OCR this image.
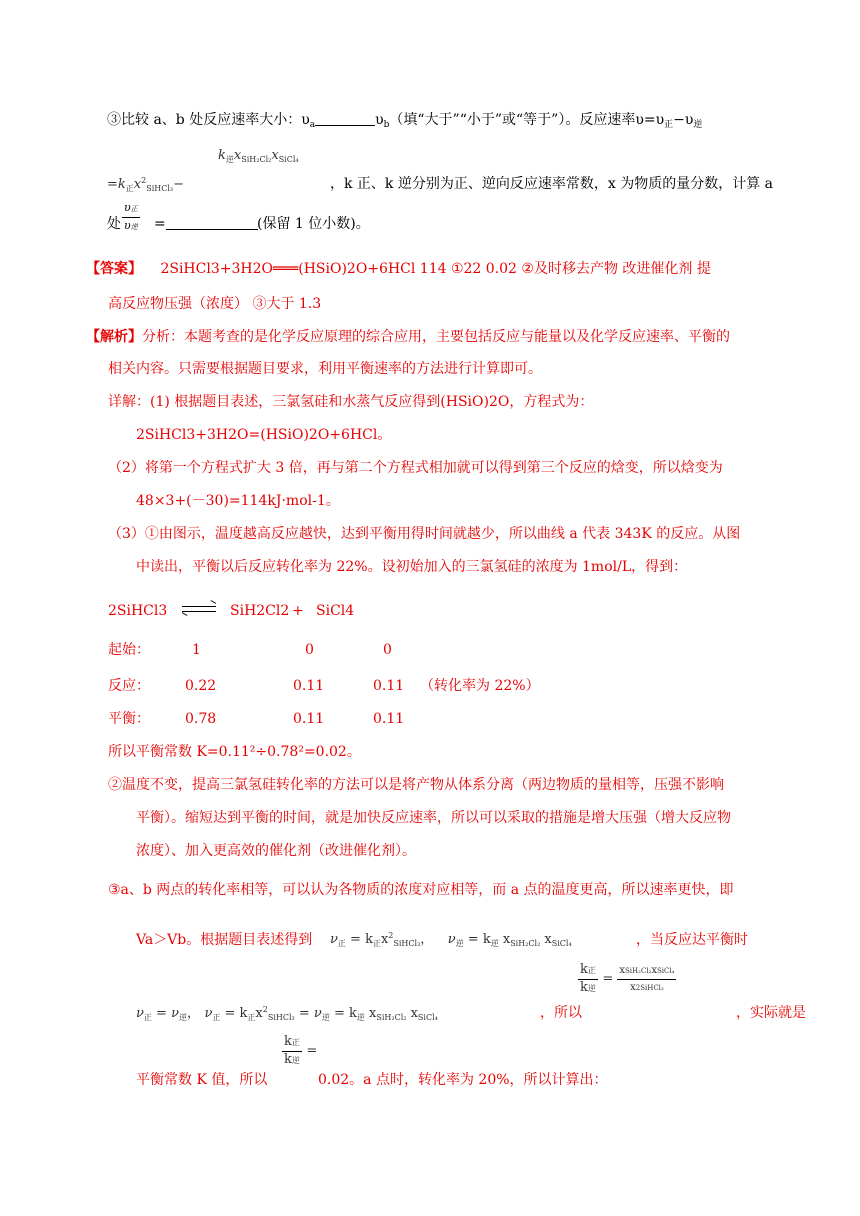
③比较 a、b 处反应速率大小：$\upsilon_a$	$\upsilon_b$（填“大于”“小于”或“等于”）。反应速率$\upsilon=\upsilon_正-\upsilon_逆$
$k_逆x_{SiH_2Cl_2}x_{SiCl_4}$
$=k_正x^2_{SiHCl_3}-$	，k 正、k 逆分别为正、逆向反应速率常数，x 为物质的量分数，计算 a
处 $\frac{\text{υ正}}{\text{υ逆}}$ =	(保留 1 位小数)。
【答案】 2SiHCl3+3H2O═══(HSiO)2O+6HCl 114 ①22 0.02 ②及时移去产物 改进催化剂 提
高反应物压强（浓度） ③大于 1.3
【解析】分析：本题考查的是化学反应原理的综合应用，主要包括反应与能量以及化学反应速率、平衡的
相关内容。只需要根据题目要求，利用平衡速率的方法进行计算即可。
详解：(1) 根据题目表述，三氯氢硅和水蒸气反应得到(HSiO)2O，方程式为：
2SiHCl3+3H2O=(HSiO)2O+6HCl。
（2）将第一个方程式扩大 3 倍，再与第二个方程式相加就可以得到第三个反应的焓变，所以焓变为
48×3+(－30)=114kJ·mol-1。
（3）①由图示，温度越高反应越快，达到平衡用得时间就越少，所以曲线 a 代表 343K 的反应。从图
中读出，平衡以后反应转化率为 22%。设初始加入的三氯氢硅的浓度为 1mol/L，得到：
2SiHCl3	SiH2Cl2 + SiCl4
起始：	1	0	0
反应：	0.22	0.11	0.11 （转化率为 22%）
平衡：	0.78	0.11	0.11
所以平衡常数 K=0.11²÷0.78²=0.02。
②温度不变，提高三氯氢硅转化率的方法可以是将产物从体系分离（两边物质的量相等，压强不影响
平衡）。缩短达到平衡的时间，就是加快反应速率，所以可以采取的措施是增大压强（增大反应物
浓度）、加入更高效的催化剂（改进催化剂）。
③a、b 两点的转化率相等，可以认为各物质的浓度对应相等，而 a 点的温度更高，所以速率更快，即
Va＞Vb。根据题目表述得到 $\nu_正 = k_正x^2_{SiHCl_3}$， $\nu_逆 = k_逆$ $x_{SiH_2Cl_2}$ $x_{SiCl_4}$	，当反应达平衡时
$\nu_正 = \nu_逆$， $\nu_正 = k_正x^2_{SiHCl_3} = \nu_逆 = k_逆$ $x_{SiH_2Cl_2}$ $x_{SiCl_4}$	，所以
$\frac{\text{k正}}{\text{k逆}} = \frac{\text{xSiH₂Cl₂xSiCl₄}}{\text{x2SiHCl₃}}$
，实际就是
平衡常数 K 值，所以
$\frac{\text{k正}}{\text{k逆}}$ =
0.02。a 点时，转化率为 20%，所以计算出：
